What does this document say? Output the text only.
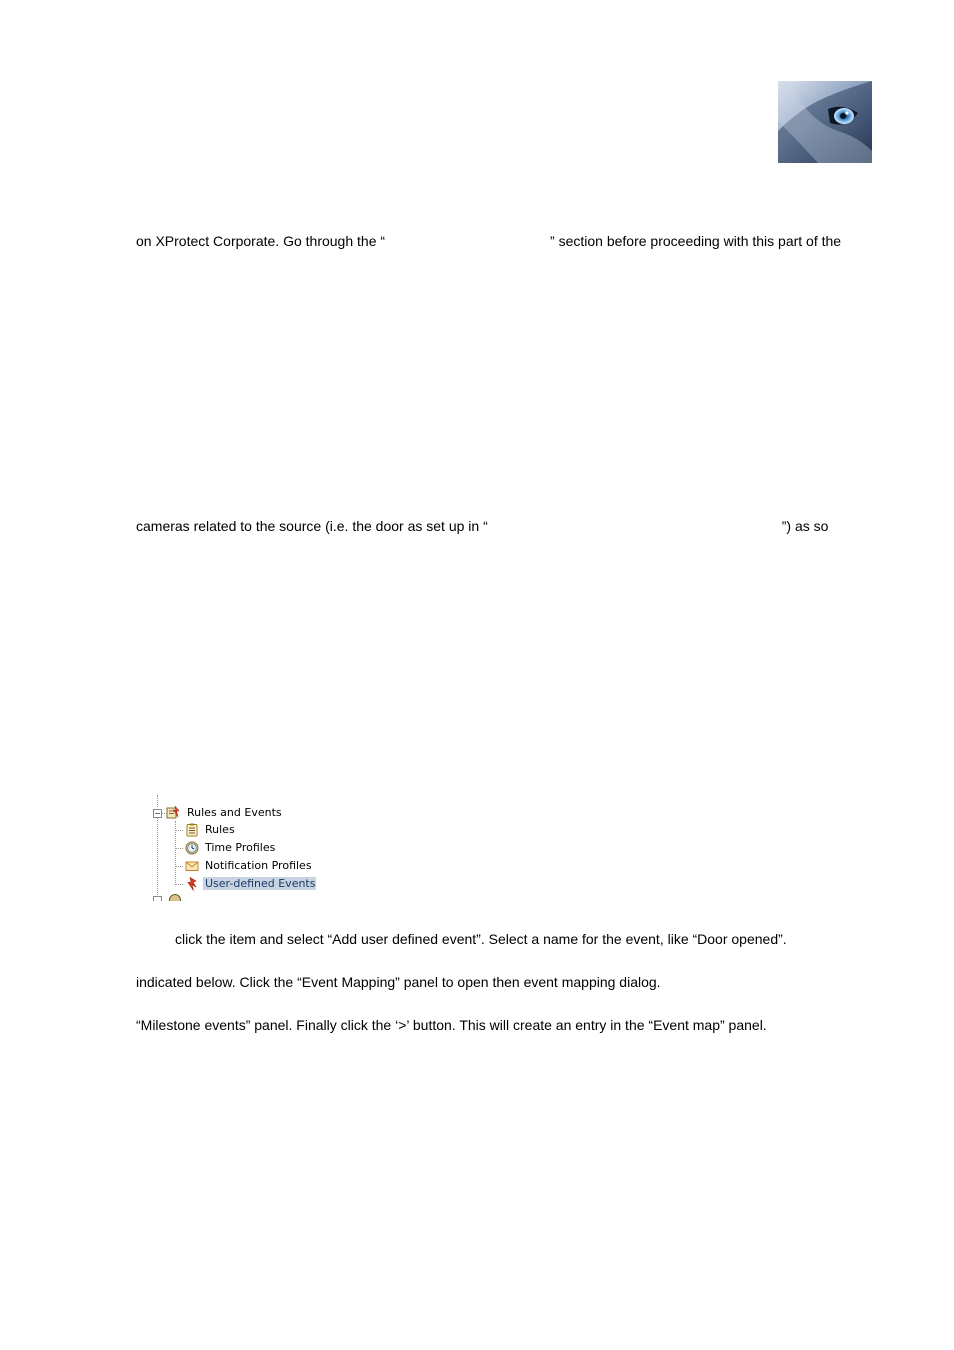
on XProtect Corporate. Go through the “	” section before proceeding with this part of the
cameras related to the source (i.e. the door as set up in “	”) as so
− Rules and Events
Rules
Time Profiles
Notification Profiles
User-defined Events
click the item and select “Add user defined event”. Select a name for the event, like “Door opened”.
indicated below. Click the “Event Mapping” panel to open then event mapping dialog.
“Milestone events” panel. Finally click the ‘>’ button. This will create an entry in the “Event map” panel.
